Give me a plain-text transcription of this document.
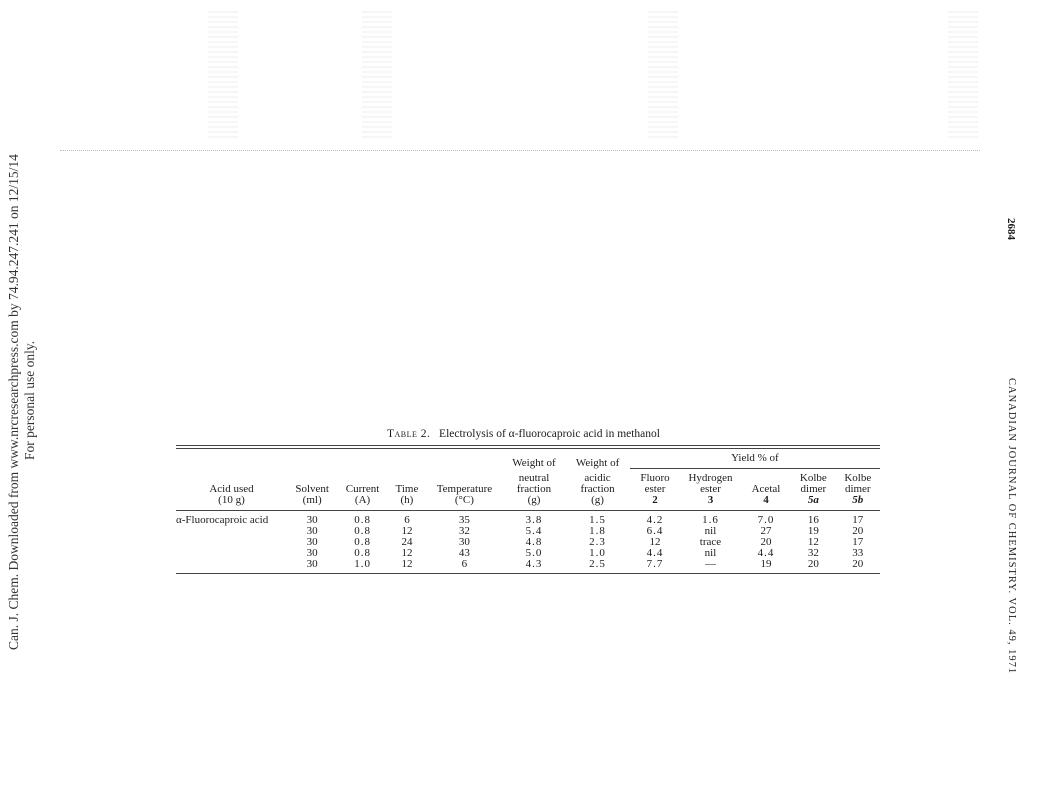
Can. J. Chem. Downloaded from www.nrcresearchpress.com by 74.94.247.241 on 12/15/14 For personal use only.
2684
CANADIAN JOURNAL OF CHEMISTRY. VOL. 49, 1971
Table 2. Electrolysis of α-fluorocaproic acid in methanol
					Weight of	Weight of	Yield % of				
					neutral	acidic	Fluoro	Hydrogen		Kolbe	Kolbe
Acid used	Solvent	Current	Time	Temperature	fraction	fraction	ester	ester	Acetal	dimer	dimer
(10 g)	(ml)	(A)	(h)	(°C)	(g)	(g)	2	3	4	5a	5b

α-Fluorocaproic acid	30	0.8	6	35	3.8	1.5	4.2	1.6	7.0	16	17
	30	0.8	12	32	5.4	1.8	6.4	nil	27	19	20
	30	0.8	24	30	4.8	2.3	12	trace	20	12	17
	30	0.8	12	43	5.0	1.0	4.4	nil	4.4	32	33
	30	1.0	12	6	4.3	2.5	7.7	—	19	20	20
